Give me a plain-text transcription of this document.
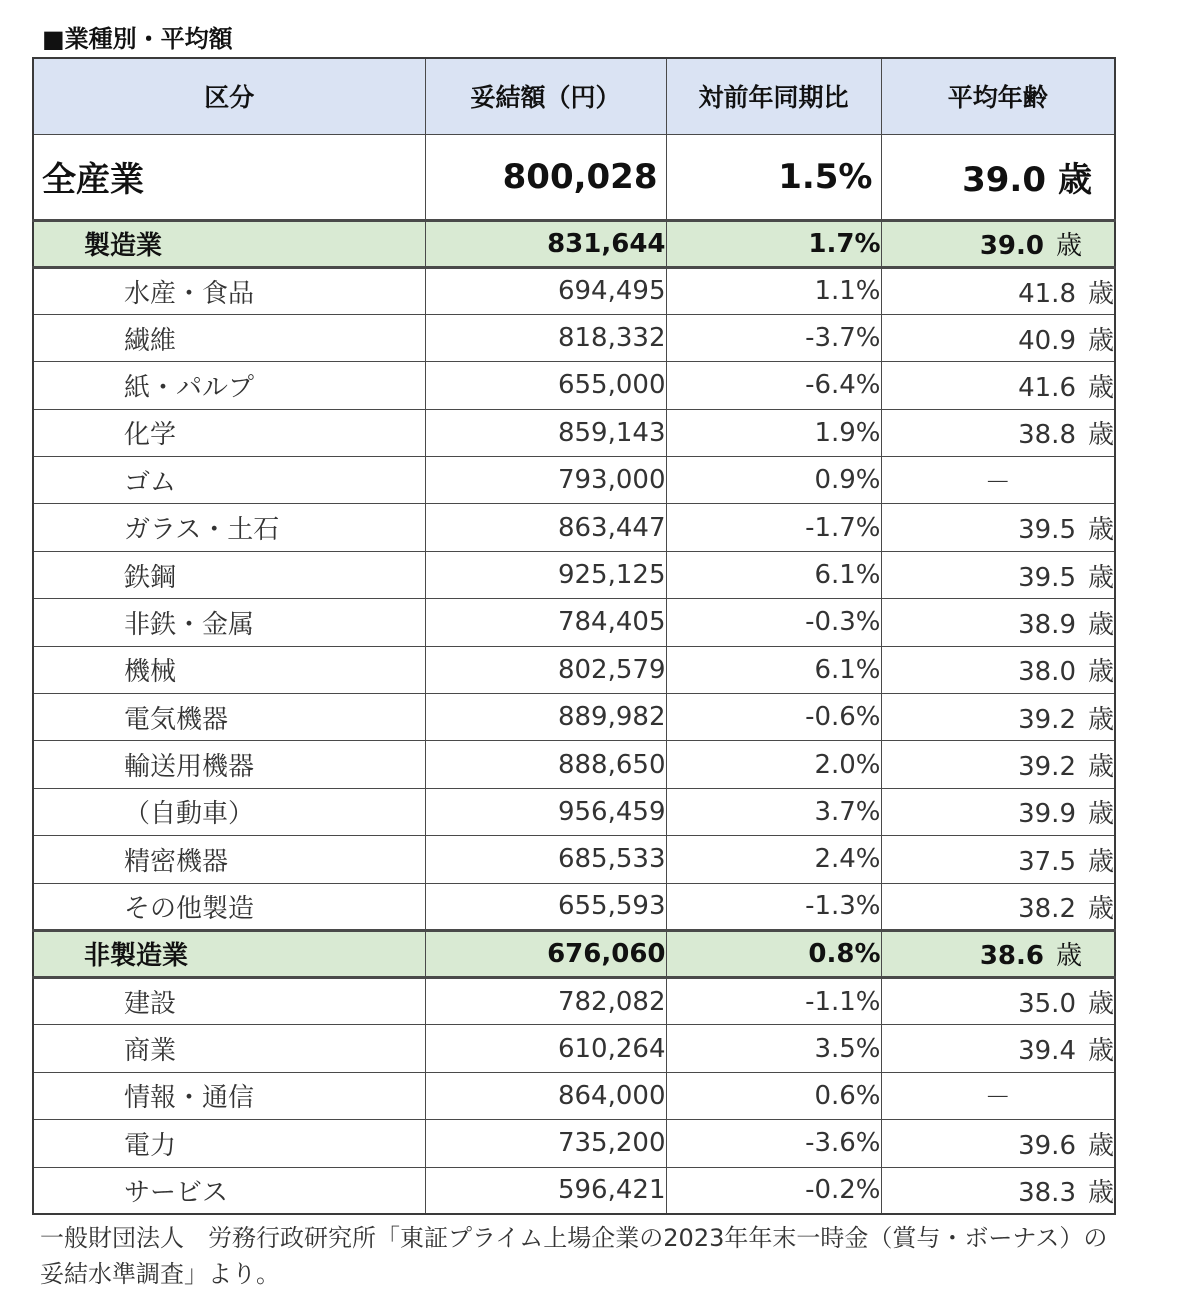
■業種別・平均額
区分	妥結額（円）	対前年同期比	平均年齢
全産業	800,028	1.5%	39.0 歳
製造業	831,644	1.7%	39.0 歳
水産・食品	694,495	1.1%	41.8 歳
繊維	818,332	-3.7%	40.9 歳
紙・パルプ	655,000	-6.4%	41.6 歳
化学	859,143	1.9%	38.8 歳
ゴム	793,000	0.9%	－
ガラス・土石	863,447	-1.7%	39.5 歳
鉄鋼	925,125	6.1%	39.5 歳
非鉄・金属	784,405	-0.3%	38.9 歳
機械	802,579	6.1%	38.0 歳
電気機器	889,982	-0.6%	39.2 歳
輸送用機器	888,650	2.0%	39.2 歳
（自動車）	956,459	3.7%	39.9 歳
精密機器	685,533	2.4%	37.5 歳
その他製造	655,593	-1.3%	38.2 歳
非製造業	676,060	0.8%	38.6 歳
建設	782,082	-1.1%	35.0 歳
商業	610,264	3.5%	39.4 歳
情報・通信	864,000	0.6%	－
電力	735,200	-3.6%	39.6 歳
サービス	596,421	-0.2%	38.3 歳
一般財団法人　労務行政研究所「東証プライム上場企業の2023年年末一時金（賞与・ボーナス）の妥結水準調査」より。
